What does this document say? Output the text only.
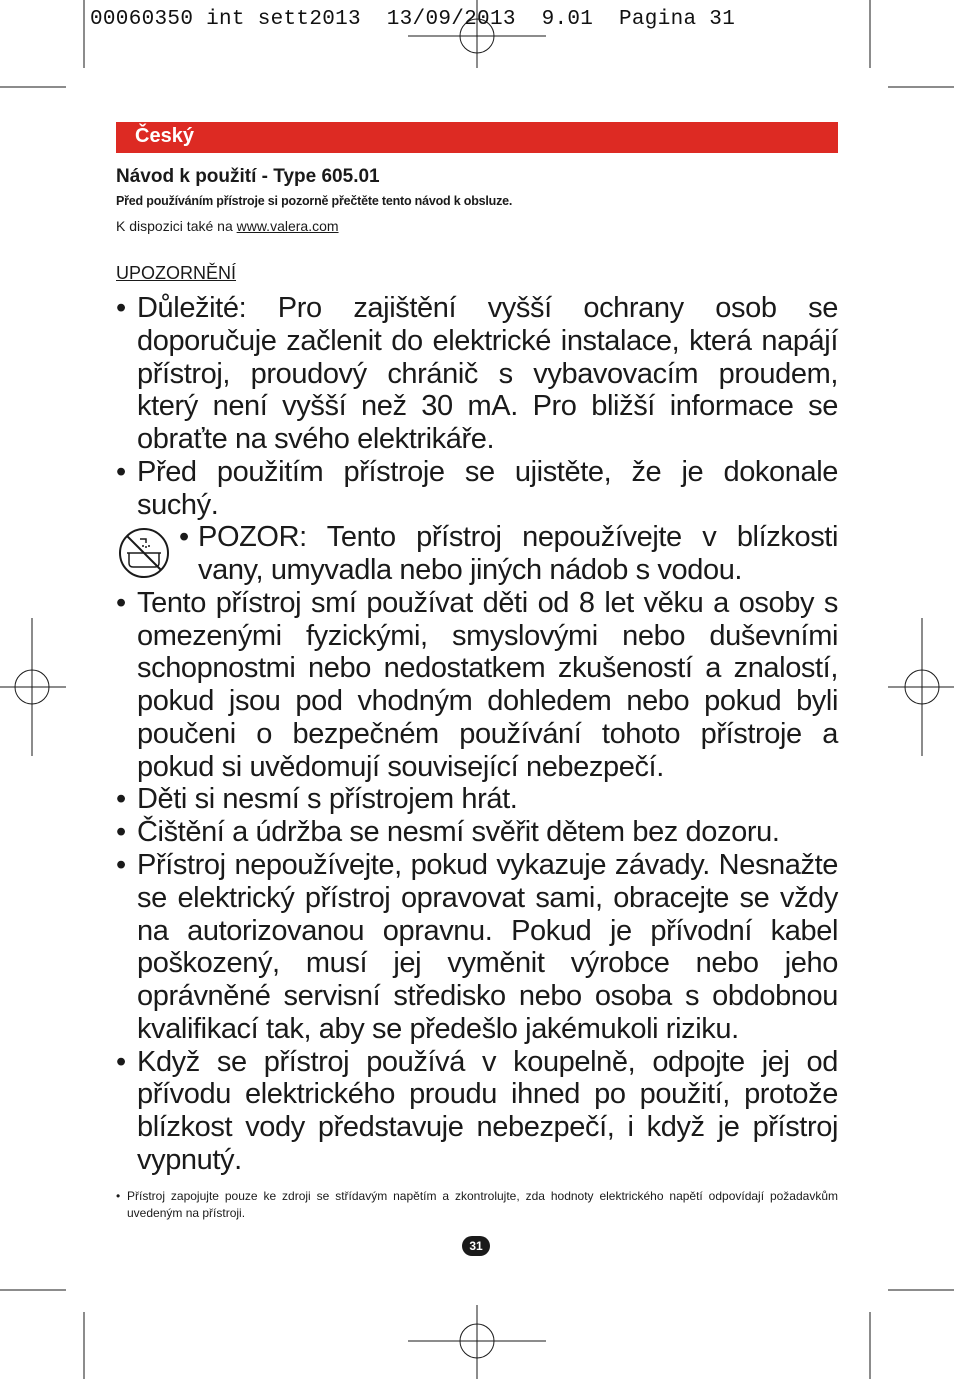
00060350 int sett2013  13/09/2013  9.01  Pagina 31
Český
Návod k použití - Type 605.01
Před používáním přístroje si pozorně přečtěte tento návod k obsluze.
K dispozici také na www.valera.com
UPOZORNĚNÍ
• Důležité: Pro zajištění vyšší ochrany osob se doporučuje začlenit do elektrické instalace, která napájí přístroj, proudový chránič s vybavovacím proudem, který není vyšší než 30 mA. Pro bližší informace se obraťte na svého elektrikáře.
• Před použitím přístroje se ujistěte, že je dokonale suchý.
• POZOR: Tento přístroj nepoužívejte v blízkosti vany, umyvadla nebo jiných nádob s vodou.
• Tento přístroj smí používat děti od 8 let věku a osoby s omezenými fyzickými, smyslovými nebo duševními schopnostmi nebo nedostatkem zkušeností a znalostí, pokud jsou pod vhodným dohledem nebo pokud byli poučeni o bezpečném používání tohoto přístroje a pokud si uvědomují související nebezpečí.
• Děti si nesmí s přístrojem hrát.
• Čištění a údržba se nesmí svěřit dětem bez dozoru.
• Přístroj nepoužívejte, pokud vykazuje závady. Nesnažte se elektrický přístroj opravovat sami, obracejte se vždy na autorizovanou opravnu. Pokud je přívodní kabel poškozený, musí jej vyměnit výrobce nebo jeho oprávněné servisní středisko nebo osoba s obdobnou kvalifikací tak, aby se předešlo jakémukoli riziku.
• Když se přístroj používá v koupelně, odpojte jej od přívodu elektrického proudu ihned po použití, protože blízkost vody představuje nebezpečí, i když je přístroj vypnutý.
• Přístroj zapojujte pouze ke zdroji se střídavým napětím a zkontrolujte, zda hodnoty elektrického napětí odpovídají požadavkům uvedeným na přístroji.
31
